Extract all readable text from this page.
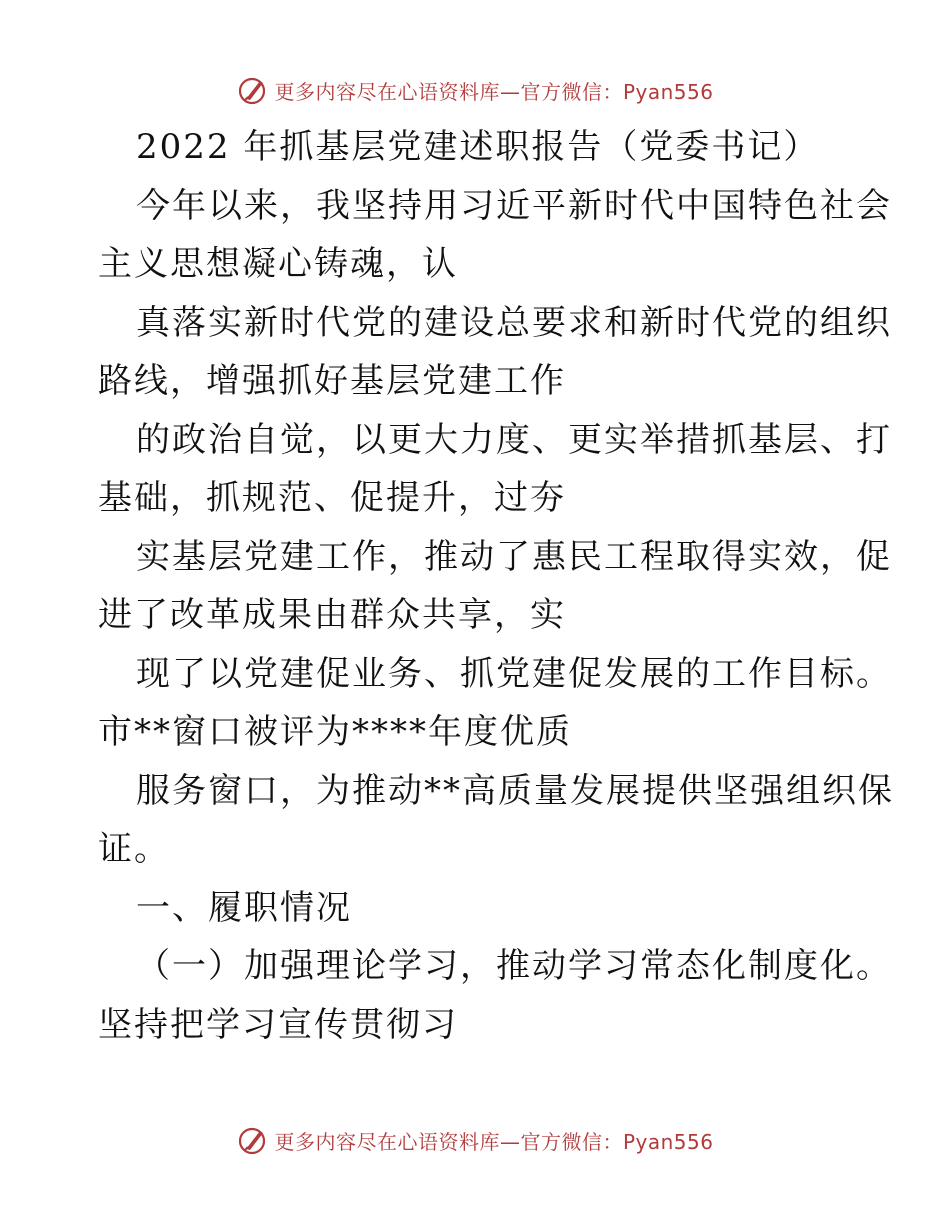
更多内容尽在心语资料库—官方微信：Pyan556
2022 年抓基层党建述职报告（党委书记）
今年以来，我坚持用习近平新时代中国特色社会
主义思想凝心铸魂，认
真落实新时代党的建设总要求和新时代党的组织
路线，增强抓好基层党建工作
的政治自觉，以更大力度、更实举措抓基层、打
基础，抓规范、促提升，过夯
实基层党建工作，推动了惠民工程取得实效，促
进了改革成果由群众共享，实
现了以党建促业务、抓党建促发展的工作目标。
市**窗口被评为****年度优质
服务窗口，为推动**高质量发展提供坚强组织保
证。
一、履职情况
（一）加强理论学习，推动学习常态化制度化。
坚持把学习宣传贯彻习
更多内容尽在心语资料库—官方微信：Pyan556
